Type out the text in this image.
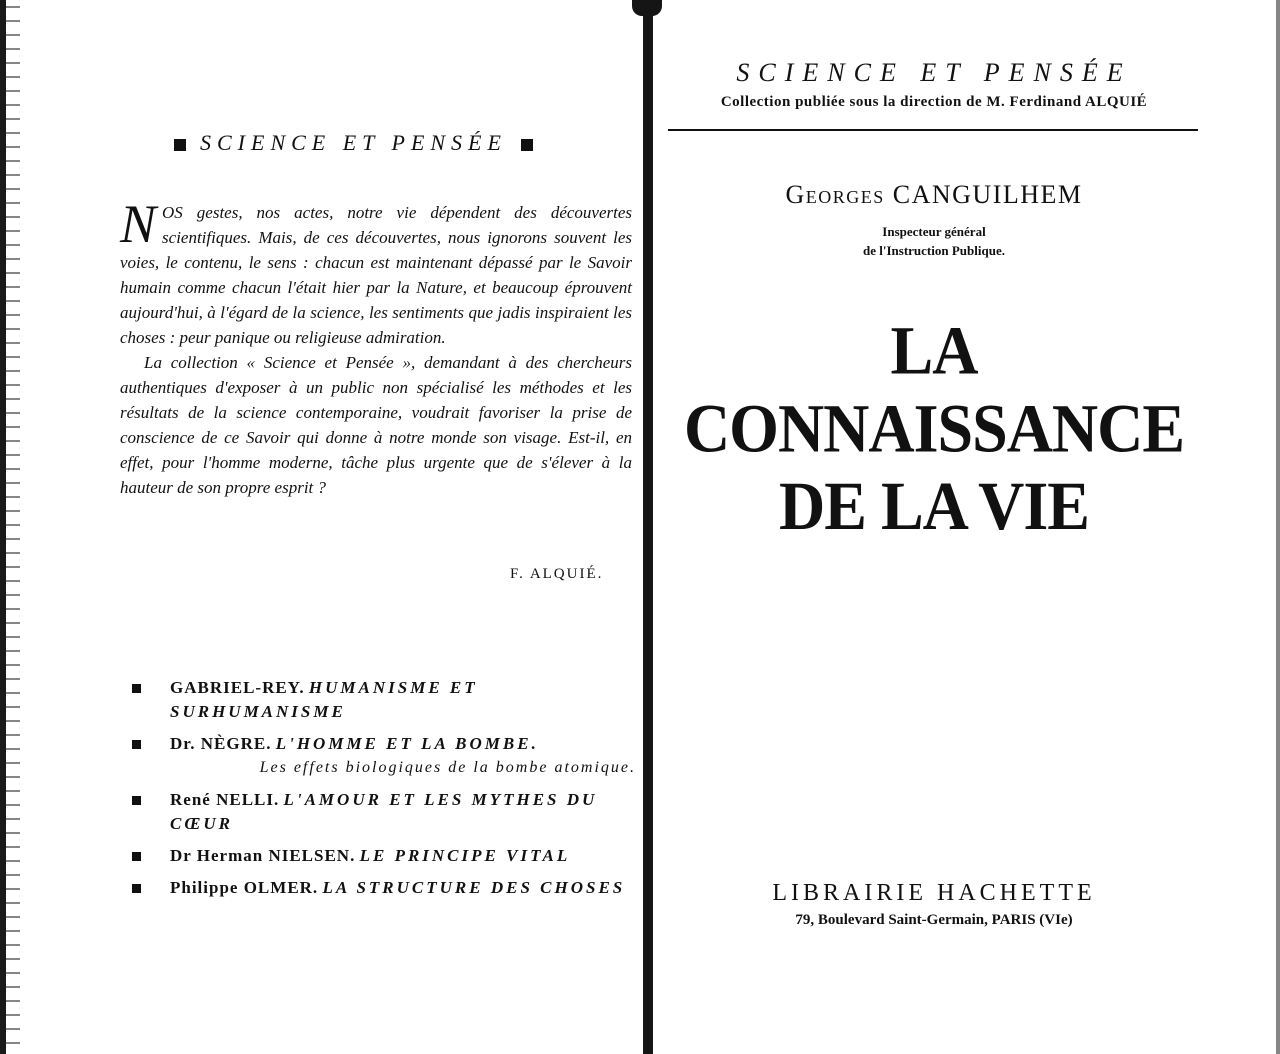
SCIENCE ET PENSÉE

NOS gestes, nos actes, notre vie dépendent des découvertes scientifiques. Mais, de ces découvertes, nous ignorons souvent les voies, le contenu, le sens : chacun est maintenant dépassé par le Savoir humain comme chacun l'était hier par la Nature, et beaucoup éprouvent aujourd'hui, à l'égard de la science, les sentiments que jadis inspiraient les choses : peur panique ou religieuse admiration.

La collection « Science et Pensée », demandant à des chercheurs authentiques d'exposer à un public non spécialisé les méthodes et les résultats de la science contemporaine, voudrait favoriser la prise de conscience de ce Savoir qui donne à notre monde son visage. Est-il, en effet, pour l'homme moderne, tâche plus urgente que de s'élever à la hauteur de son propre esprit ?

F. ALQUIÉ.
GABRIEL-REY. HUMANISME ET SURHUMANISME
Dr. NÈGRE. L'HOMME ET LA BOMBE.
Les effets biologiques de la bombe atomique.
René NELLI. L'AMOUR ET LES MYTHES DU CŒUR
Dr Herman NIELSEN. LE PRINCIPE VITAL
Philippe OLMER. LA STRUCTURE DES CHOSES
SCIENCE ET PENSÉE
Collection publiée sous la direction de M. Ferdinand ALQUIÉ
Georges CANGUILHEM
Inspecteur général
de l'Instruction Publique.
LA
CONNAISSANCE
DE LA VIE
LIBRAIRIE HACHETTE
79, Boulevard Saint-Germain, PARIS (VIe)
